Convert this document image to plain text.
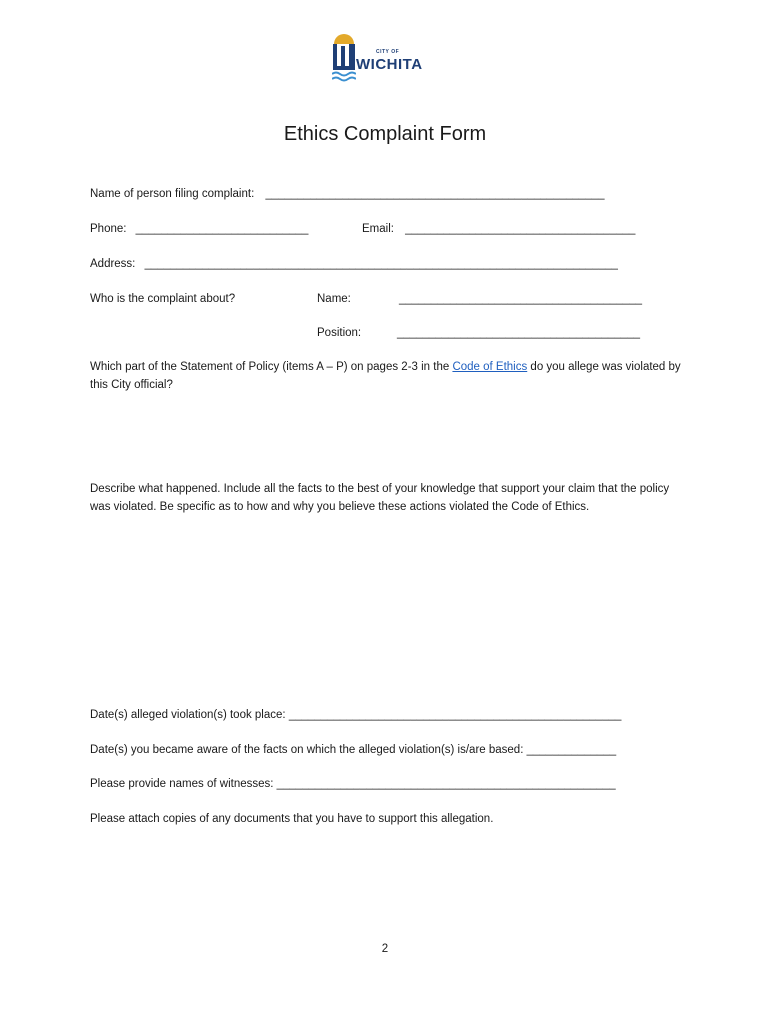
CITY OF
WICHITA
Ethics Complaint Form
Name of person filing complaint: _____________________________________________________
Phone: ___________________________	Email: ____________________________________
Address: __________________________________________________________________________
Who is the complaint about?	Name:	______________________________________
Position:	______________________________________
Which part of the Statement of Policy (items A – P) on pages 2-3 in the Code of Ethics do you allege was violated by this City official?
Describe what happened. Include all the facts to the best of your knowledge that support your claim that the policy was violated. Be specific as to how and why you believe these actions violated the Code of Ethics.
Date(s) alleged violation(s) took place: ____________________________________________________
Date(s) you became aware of the facts on which the alleged violation(s) is/are based: ______________
Please provide names of witnesses: _____________________________________________________
Please attach copies of any documents that you have to support this allegation.
2
